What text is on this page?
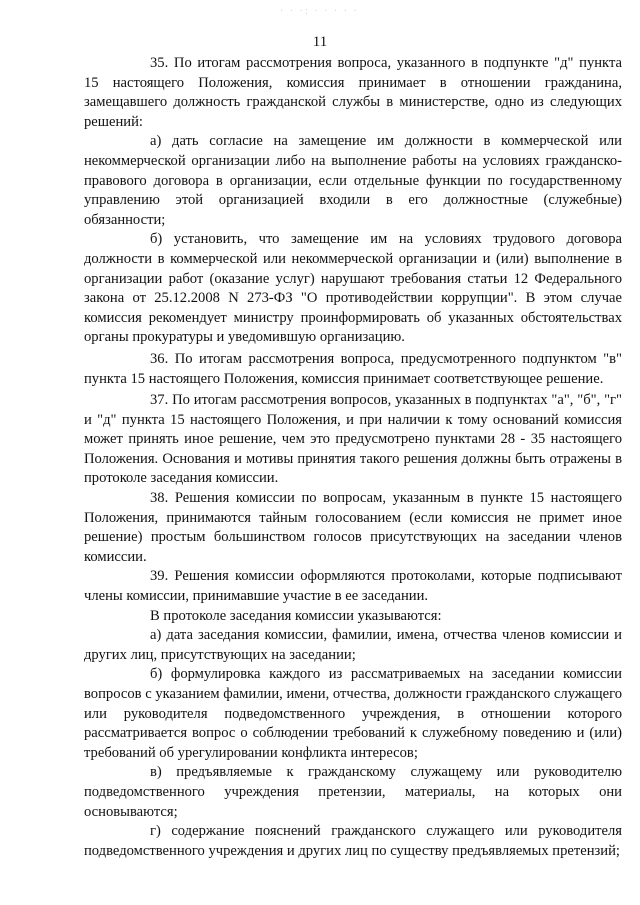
· · ·: · · · · ·
11

35. По итогам рассмотрения вопроса, указанного в подпункте "д" пункта 15 настоящего Положения, комиссия принимает в отношении гражданина, замещавшего должность гражданской службы в министерстве, одно из следующих решений:

а) дать согласие на замещение им должности в коммерческой или некоммерческой организации либо на выполнение работы на условиях гражданско-правового договора в организации, если отдельные функции по государственному управлению этой организацией входили в его должностные (служебные) обязанности;

б) установить, что замещение им на условиях трудового договора должности в коммерческой или некоммерческой организации и (или) выполнение в организации работ (оказание услуг) нарушают требования статьи 12 Федерального закона от 25.12.2008 N 273-ФЗ "О противодействии коррупции". В этом случае комиссия рекомендует министру проинформировать об указанных обстоятельствах органы прокуратуры и уведомившую организацию.

36. По итогам рассмотрения вопроса, предусмотренного подпунктом "в" пункта 15 настоящего Положения, комиссия принимает соответствующее решение.

37. По итогам рассмотрения вопросов, указанных в подпунктах "а", "б", "г" и "д" пункта 15 настоящего Положения, и при наличии к тому оснований комиссия может принять иное решение, чем это предусмотрено пунктами 28 - 35 настоящего Положения. Основания и мотивы принятия такого решения должны быть отражены в протоколе заседания комиссии.

38. Решения комиссии по вопросам, указанным в пункте 15 настоящего Положения, принимаются тайным голосованием (если комиссия не примет иное решение) простым большинством голосов присутствующих на заседании членов комиссии.

39. Решения комиссии оформляются протоколами, которые подписывают члены комиссии, принимавшие участие в ее заседании.

В протоколе заседания комиссии указываются:

а) дата заседания комиссии, фамилии, имена, отчества членов комиссии и других лиц, присутствующих на заседании;

б) формулировка каждого из рассматриваемых на заседании комиссии вопросов с указанием фамилии, имени, отчества, должности гражданского служащего или руководителя подведомственного учреждения, в отношении которого рассматривается вопрос о соблюдении требований к служебному поведению и (или) требований об урегулировании конфликта интересов;

в) предъявляемые к гражданскому служащему или руководителю подведомственного учреждения претензии, материалы, на которых они основываются;

г) содержание пояснений гражданского служащего или руководителя подведомственного учреждения и других лиц по существу предъявляемых претензий;
